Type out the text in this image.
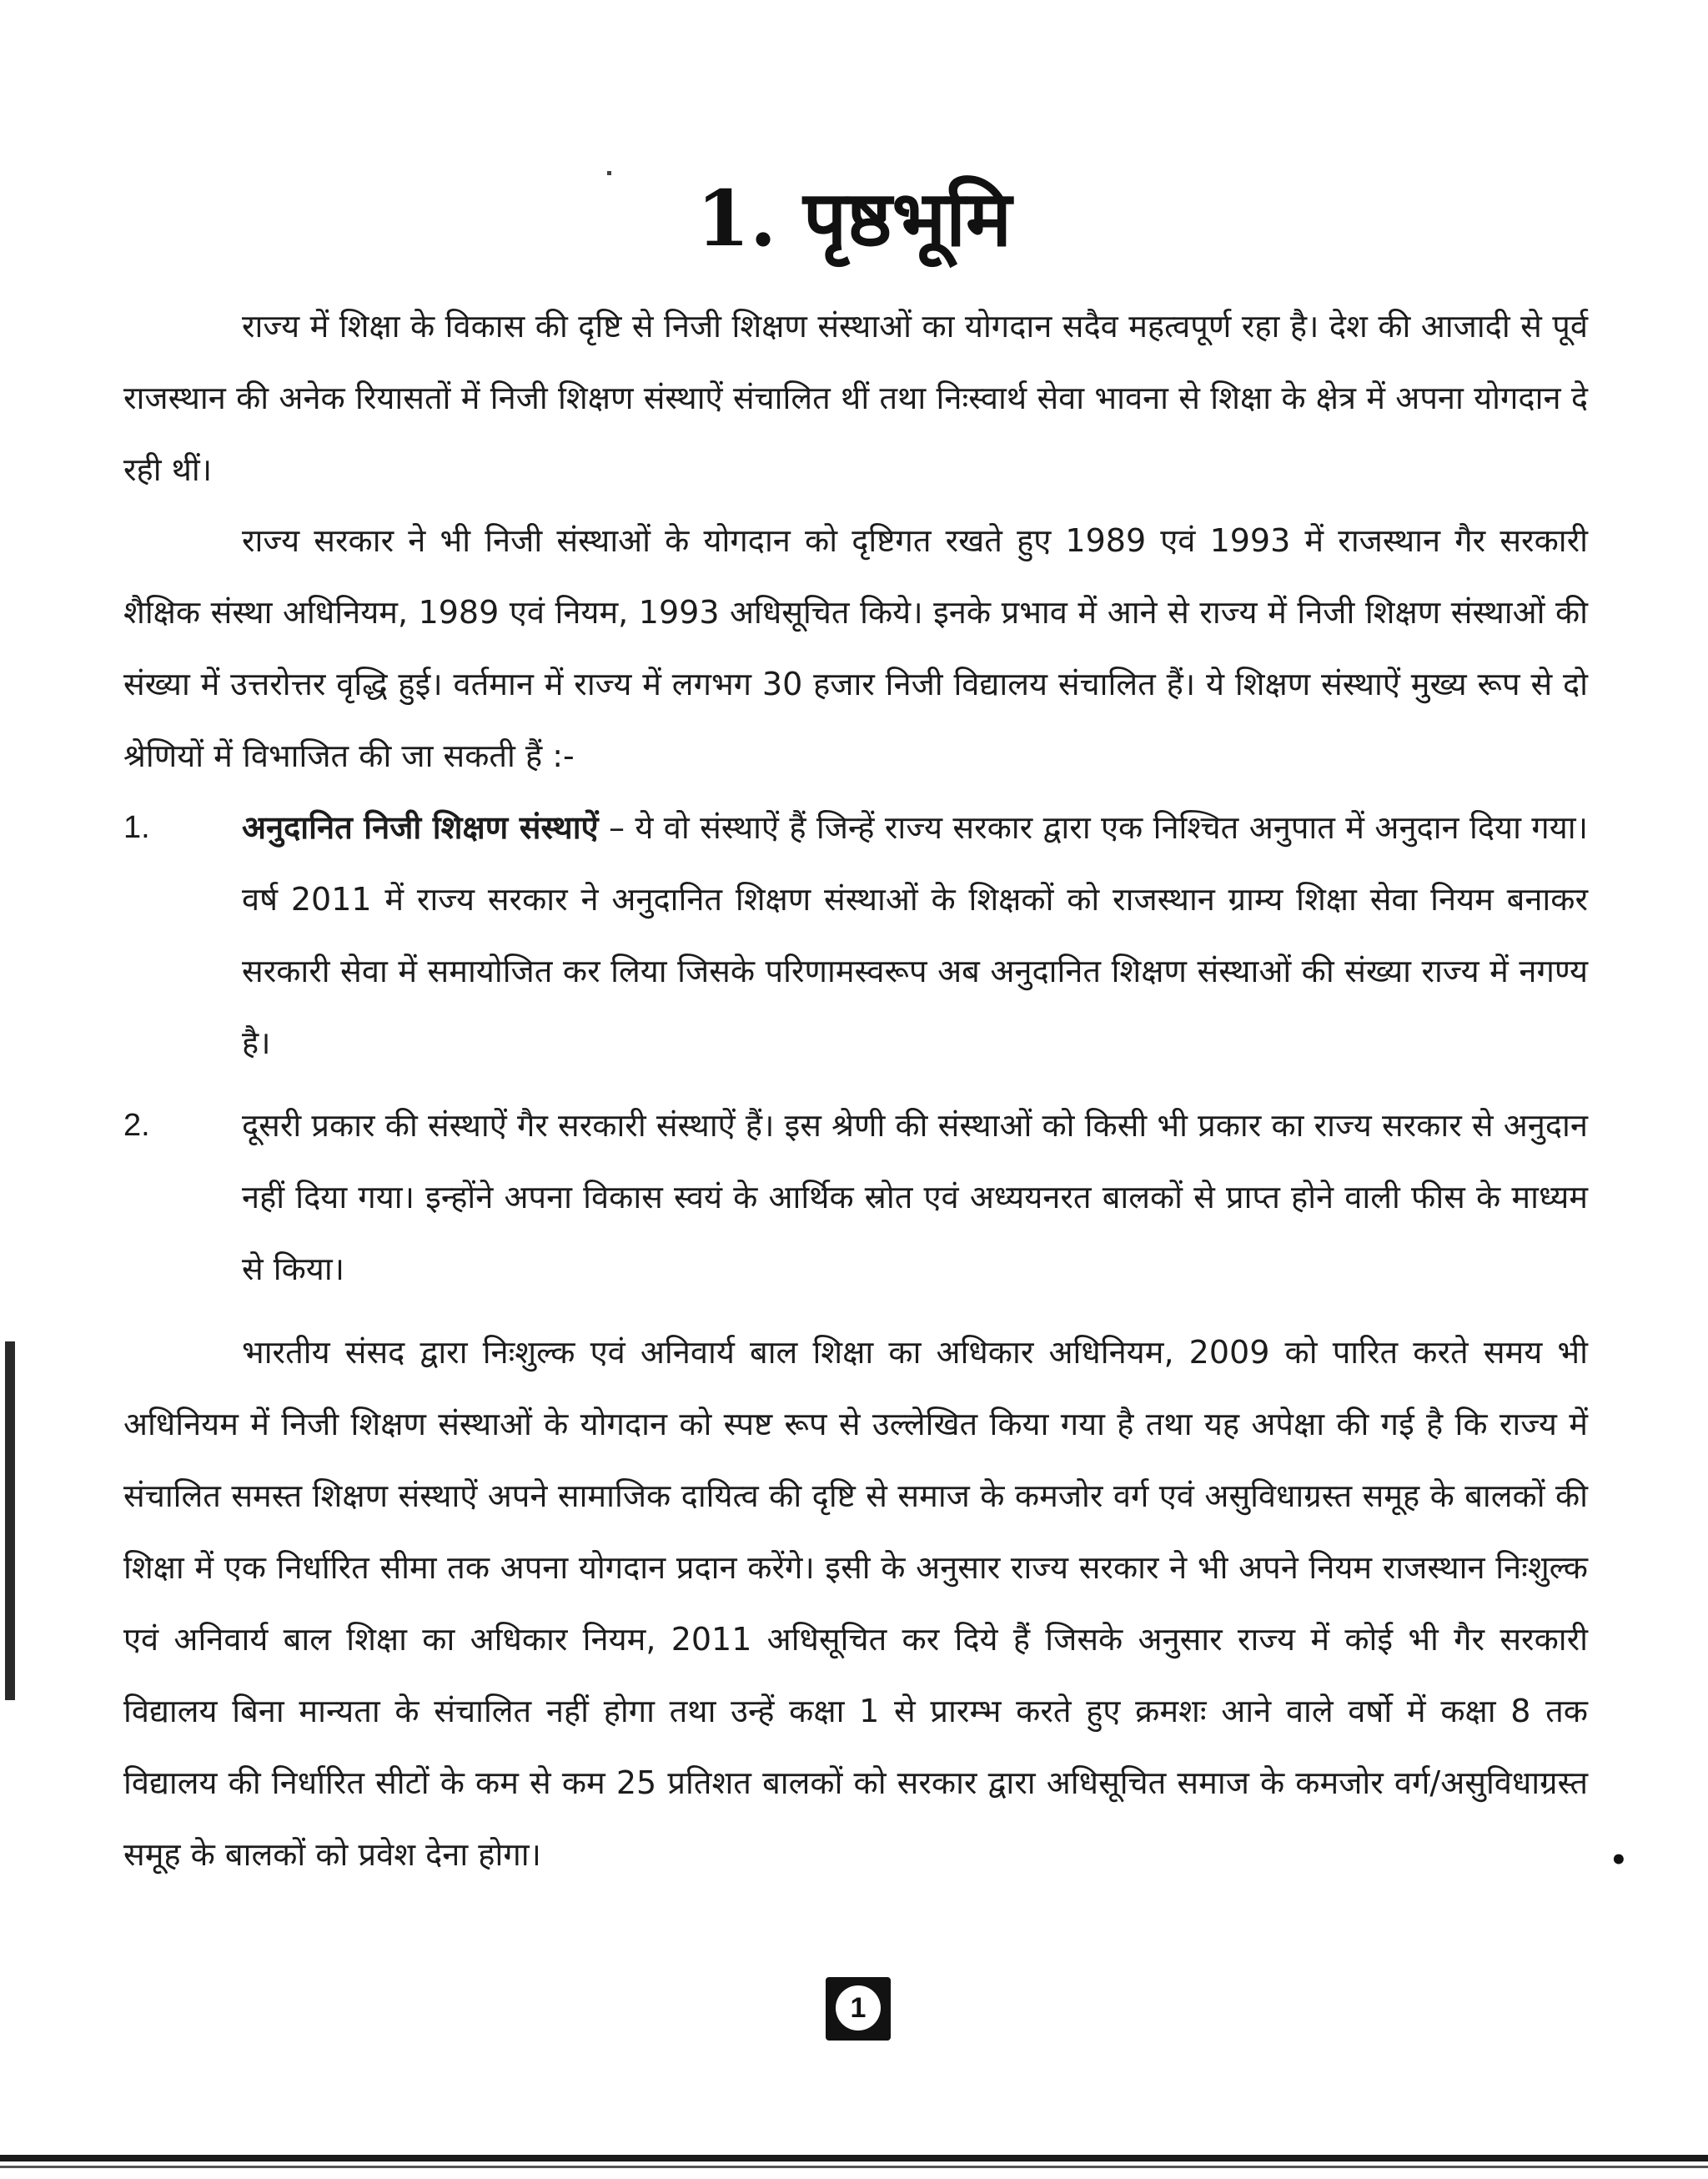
1. पृष्ठभूमि

राज्य में शिक्षा के विकास की दृष्टि से निजी शिक्षण संस्थाओं का योगदान सदैव महत्वपूर्ण रहा है। देश की आजादी से पूर्व राजस्थान की अनेक रियासतों में निजी शिक्षण संस्थाऐं संचालित थीं तथा निःस्वार्थ सेवा भावना से शिक्षा के क्षेत्र में अपना योगदान दे रही थीं।

राज्य सरकार ने भी निजी संस्थाओं के योगदान को दृष्टिगत रखते हुए 1989 एवं 1993 में राजस्थान गैर सरकारी शैक्षिक संस्था अधिनियम, 1989 एवं नियम, 1993 अधिसूचित किये। इनके प्रभाव में आने से राज्य में निजी शिक्षण संस्थाओं की संख्या में उत्तरोत्तर वृद्धि हुई। वर्तमान में राज्य में लगभग 30 हजार निजी विद्यालय संचालित हैं। ये शिक्षण संस्थाऐं मुख्य रूप से दो श्रेणियों में विभाजित की जा सकती हैं :-

1.	अनुदानित निजी शिक्षण संस्थाऐं – ये वो संस्थाऐं हैं जिन्हें राज्य सरकार द्वारा एक निश्चित अनुपात में अनुदान दिया गया। वर्ष 2011 में राज्य सरकार ने अनुदानित शिक्षण संस्थाओं के शिक्षकों को राजस्थान ग्राम्य शिक्षा सेवा नियम बनाकर सरकारी सेवा में समायोजित कर लिया जिसके परिणामस्वरूप अब अनुदानित शिक्षण संस्थाओं की संख्या राज्य में नगण्य है।

2.	दूसरी प्रकार की संस्थाऐं गैर सरकारी संस्थाऐं हैं। इस श्रेणी की संस्थाओं को किसी भी प्रकार का राज्य सरकार से अनुदान नहीं दिया गया। इन्होंने अपना विकास स्वयं के आर्थिक स्रोत एवं अध्ययनरत बालकों से प्राप्त होने वाली फीस के माध्यम से किया।

भारतीय संसद द्वारा निःशुल्क एवं अनिवार्य बाल शिक्षा का अधिकार अधिनियम, 2009 को पारित करते समय भी अधिनियम में निजी शिक्षण संस्थाओं के योगदान को स्पष्ट रूप से उल्लेखित किया गया है तथा यह अपेक्षा की गई है कि राज्य में संचालित समस्त शिक्षण संस्थाऐं अपने सामाजिक दायित्व की दृष्टि से समाज के कमजोर वर्ग एवं असुविधाग्रस्त समूह के बालकों की शिक्षा में एक निर्धारित सीमा तक अपना योगदान प्रदान करेंगे। इसी के अनुसार राज्य सरकार ने भी अपने नियम राजस्थान निःशुल्क एवं अनिवार्य बाल शिक्षा का अधिकार नियम, 2011 अधिसूचित कर दिये हैं जिसके अनुसार राज्य में कोई भी गैर सरकारी विद्यालय बिना मान्यता के संचालित नहीं होगा तथा उन्हें कक्षा 1 से प्रारम्भ करते हुए क्रमशः आने वाले वर्षो में कक्षा 8 तक विद्यालय की निर्धारित सीटों के कम से कम 25 प्रतिशत बालकों को सरकार द्वारा अधिसूचित समाज के कमजोर वर्ग/असुविधाग्रस्त समूह के बालकों को प्रवेश देना होगा।	•
1
